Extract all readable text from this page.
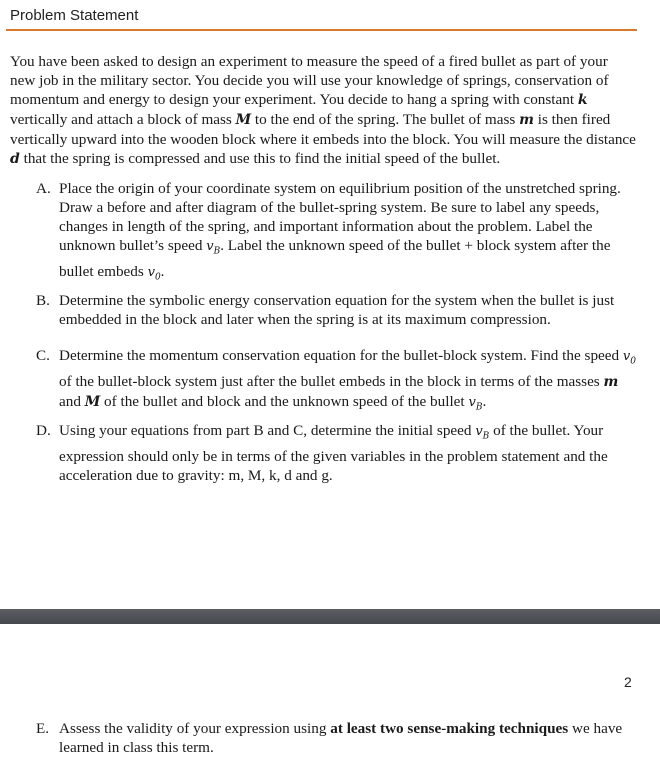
Problem Statement

You have been asked to design an experiment to measure the speed of a fired bullet as part of your new job in the military sector. You decide you will use your knowledge of springs, conservation of momentum and energy to design your experiment. You decide to hang a spring with constant k vertically and attach a block of mass M to the end of the spring. The bullet of mass m is then fired vertically upward into the wooden block where it embeds into the block. You will measure the distance d that the spring is compressed and use this to find the initial speed of the bullet.

A. Place the origin of your coordinate system on equilibrium position of the unstretched spring. Draw a before and after diagram of the bullet-spring system. Be sure to label any speeds, changes in length of the spring, and important information about the problem. Label the unknown bullet’s speed $v_B$. Label the unknown speed of the bullet + block system after the bullet embeds $v_0$.
B. Determine the symbolic energy conservation equation for the system when the bullet is just embedded in the block and later when the spring is at its maximum compression.
C. Determine the momentum conservation equation for the bullet-block system. Find the speed $v_0$ of the bullet-block system just after the bullet embeds in the block in terms of the masses m and M of the bullet and block and the unknown speed of the bullet $v_B$.
D. Using your equations from part B and C, determine the initial speed $v_B$ of the bullet. Your expression should only be in terms of the given variables in the problem statement and the acceleration due to gravity: m, M, k, d and g.
2
E. Assess the validity of your expression using at least two sense-making techniques we have learned in class this term.
